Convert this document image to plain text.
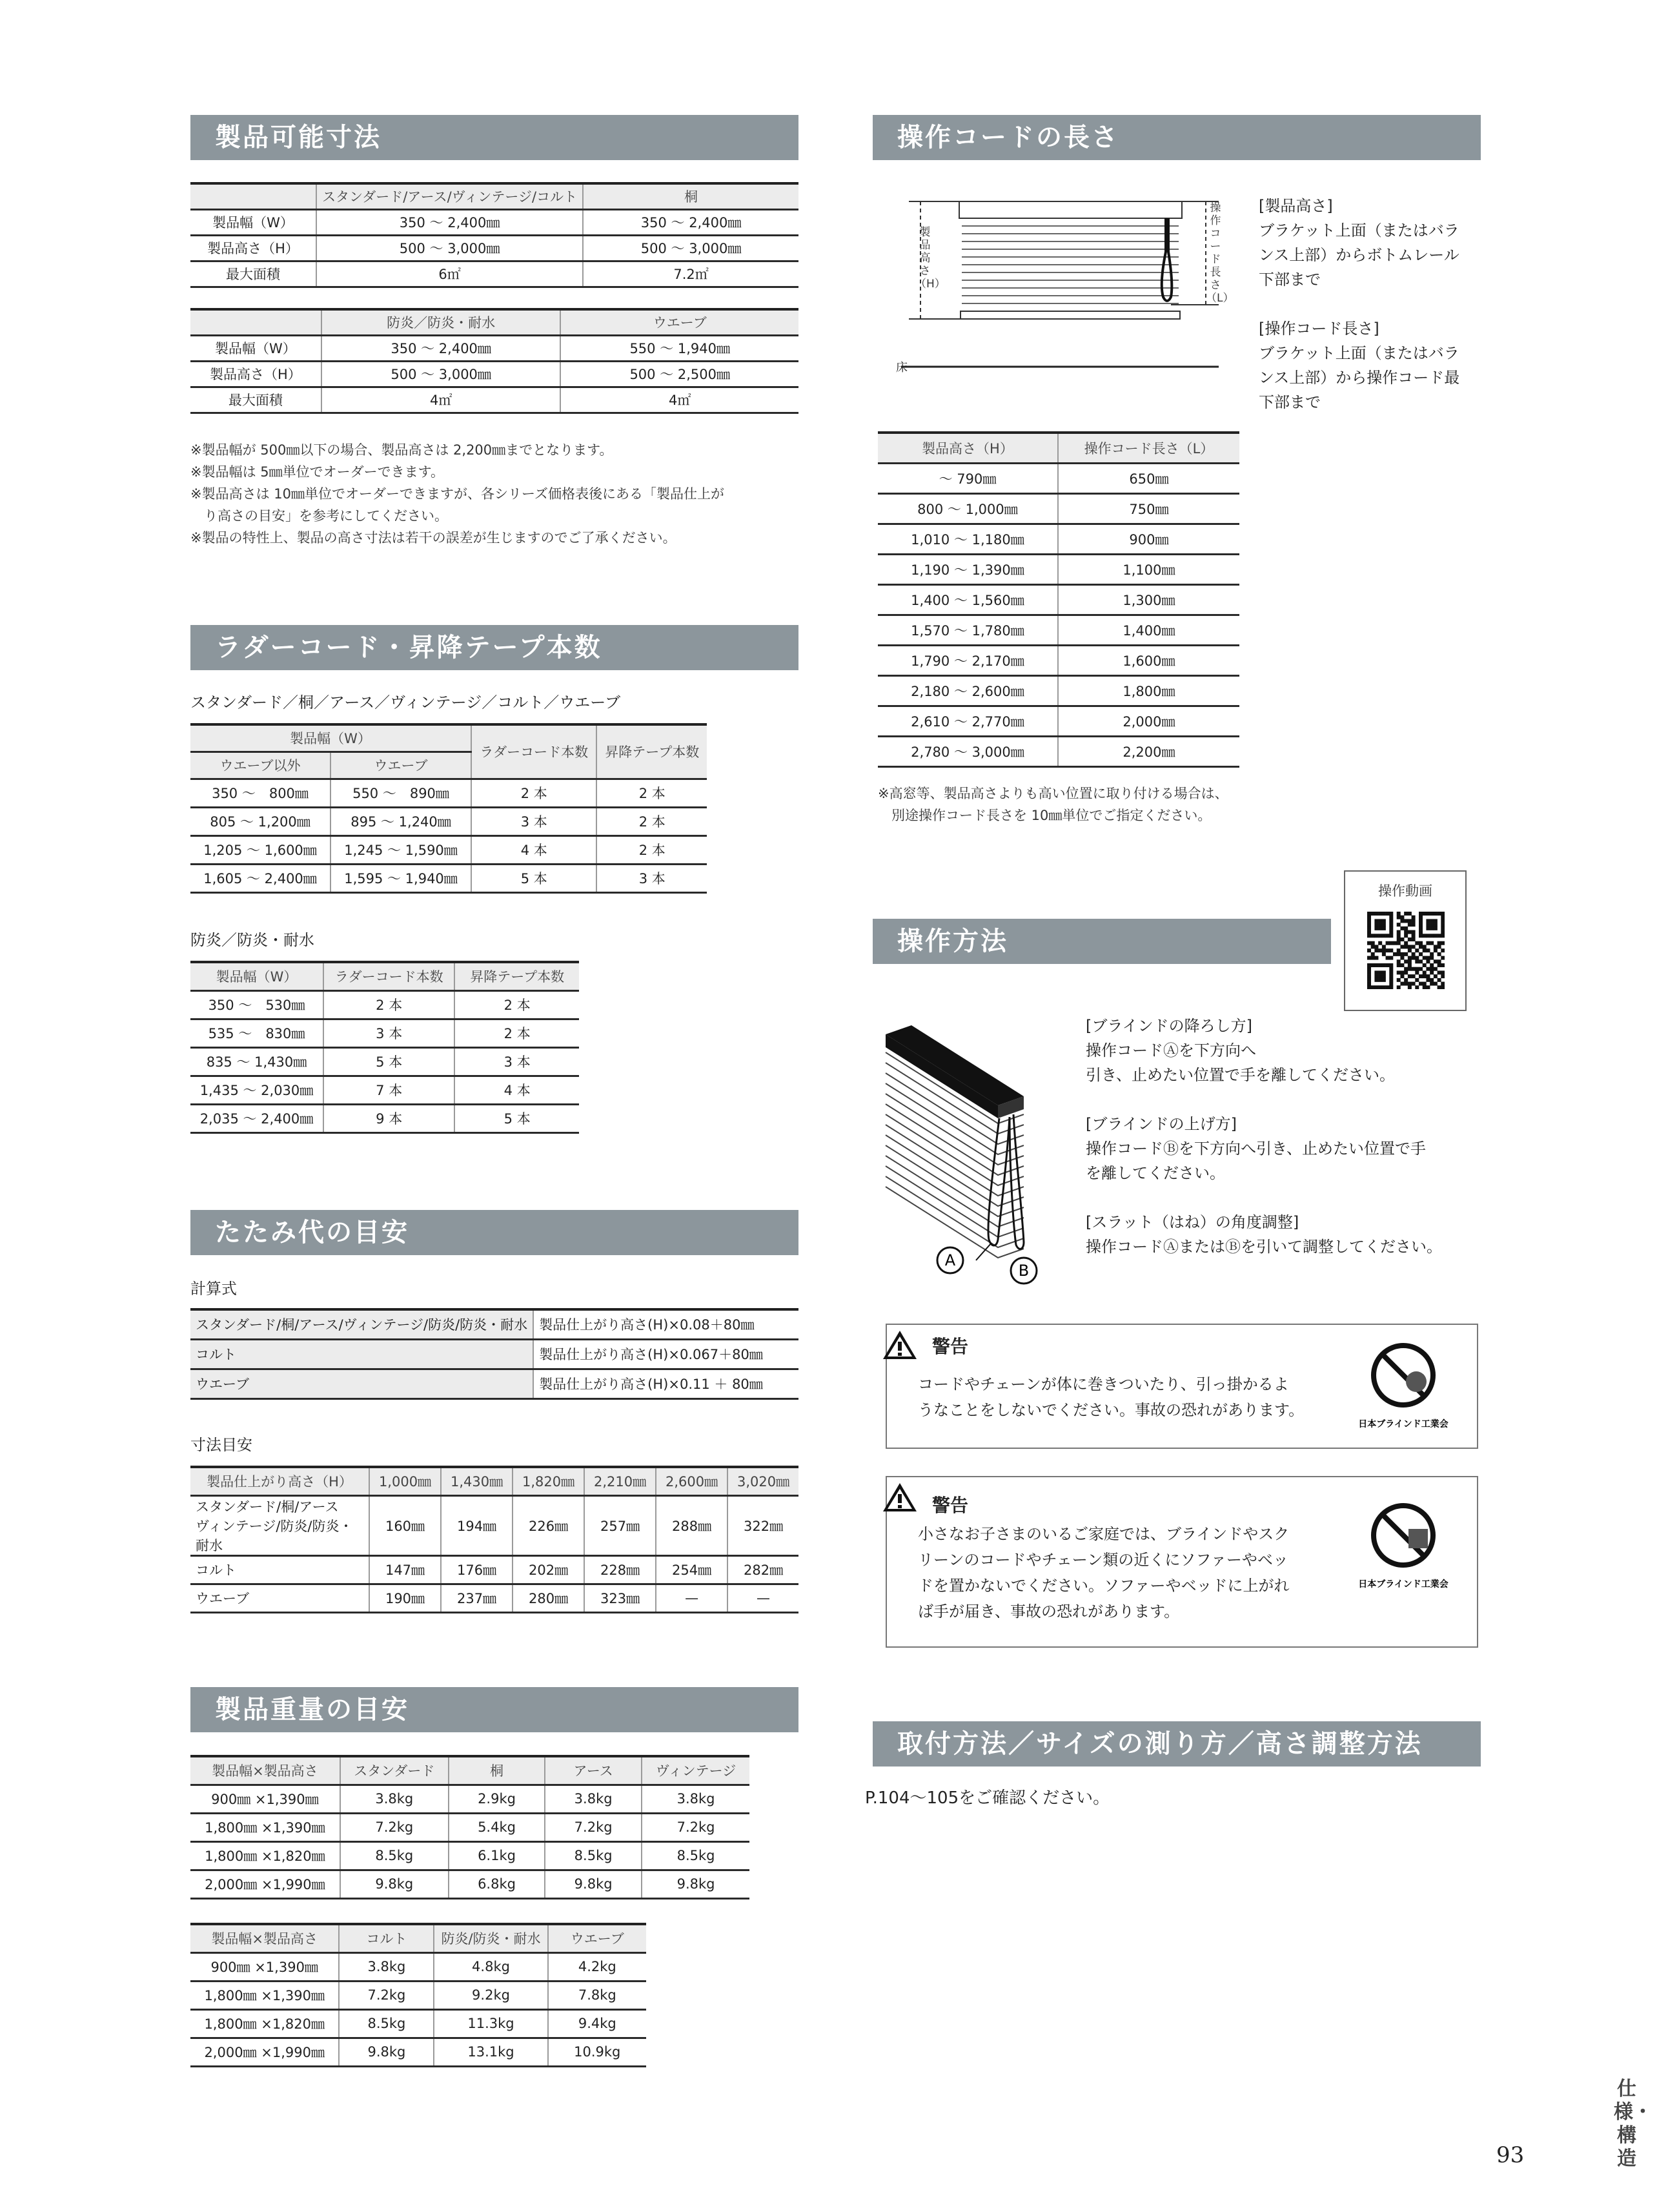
製品可能寸法
	スタンダード/アース/ヴィンテージ/コルト	桐
製品幅（W）	350 ～ 2,400㎜	350 ～ 2,400㎜
製品高さ（H）	500 ～ 3,000㎜	500 ～ 3,000㎜
最大面積	6㎡	7.2㎡
	防炎／防炎・耐水	ウエーブ
製品幅（W）	350 ～ 2,400㎜	550 ～ 1,940㎜
製品高さ（H）	500 ～ 3,000㎜	500 ～ 2,500㎜
最大面積	4㎡	4㎡
※製品幅が 500㎜以下の場合、製品高さは 2,200㎜までとなります。
※製品幅は 5㎜単位でオーダーできます。
※製品高さは 10㎜単位でオーダーできますが、各シリーズ価格表後にある「製品仕上が
　り高さの目安」を参考にしてください。
※製品の特性上、製品の高さ寸法は若干の誤差が生じますのでご了承ください。
ラダーコード・昇降テープ本数
スタンダード／桐／アース／ヴィンテージ／コルト／ウエーブ
製品幅（W）		ラダーコード本数	昇降テープ本数
ウエーブ以外	ウエーブ		
350 ～　800㎜	550 ～　890㎜	2 本	2 本
805 ～ 1,200㎜	895 ～ 1,240㎜	3 本	2 本
1,205 ～ 1,600㎜	1,245 ～ 1,590㎜	4 本	2 本
1,605 ～ 2,400㎜	1,595 ～ 1,940㎜	5 本	3 本
防炎／防炎・耐水
製品幅（W）	ラダーコード本数	昇降テープ本数
350 ～　530㎜	2 本	2 本
535 ～　830㎜	3 本	2 本
835 ～ 1,430㎜	5 本	3 本
1,435 ～ 2,030㎜	7 本	4 本
2,035 ～ 2,400㎜	9 本	5 本
たたみ代の目安
計算式
スタンダード/桐/アース/ヴィンテージ/防炎/防炎・耐水	製品仕上がり高さ(H)×0.08＋80㎜
コルト	製品仕上がり高さ(H)×0.067＋80㎜
ウエーブ	製品仕上がり高さ(H)×0.11 ＋ 80㎜
寸法目安
製品仕上がり高さ（H）	1,000㎜	1,430㎜	1,820㎜	2,210㎜	2,600㎜	3,020㎜
スタンダード/桐/アース
ヴィンテージ/防炎/防炎・耐水	160㎜	194㎜	226㎜	257㎜	288㎜	322㎜
コルト	147㎜	176㎜	202㎜	228㎜	254㎜	282㎜
ウエーブ	190㎜	237㎜	280㎜	323㎜	—	—
製品重量の目安
製品幅×製品高さ	スタンダード	桐	アース	ヴィンテージ
900㎜ ×1,390㎜	3.8kg	2.9kg	3.8kg	3.8kg
1,800㎜ ×1,390㎜	7.2kg	5.4kg	7.2kg	7.2kg
1,800㎜ ×1,820㎜	8.5kg	6.1kg	8.5kg	8.5kg
2,000㎜ ×1,990㎜	9.8kg	6.8kg	9.8kg	9.8kg
製品幅×製品高さ	コルト	防炎/防炎・耐水	ウエーブ
900㎜ ×1,390㎜	3.8kg	4.8kg	4.2kg
1,800㎜ ×1,390㎜	7.2kg	9.2kg	7.8kg
1,800㎜ ×1,820㎜	8.5kg	11.3kg	9.4kg
2,000㎜ ×1,990㎜	9.8kg	13.1kg	10.9kg
操作コードの長さ
床
製品高さ（H）
操作コード長さ（L）
[製品高さ]
ブラケット上面（またはバラ
ンス上部）からボトムレール
下部まで

[操作コード長さ]
ブラケット上面（またはバラ
ンス上部）から操作コード最
下部まで
製品高さ（H）	操作コード長さ（L）
～ 790㎜	650㎜
800 ～ 1,000㎜	750㎜
1,010 ～ 1,180㎜	900㎜
1,190 ～ 1,390㎜	1,100㎜
1,400 ～ 1,560㎜	1,300㎜
1,570 ～ 1,780㎜	1,400㎜
1,790 ～ 2,170㎜	1,600㎜
2,180 ～ 2,600㎜	1,800㎜
2,610 ～ 2,770㎜	2,000㎜
2,780 ～ 3,000㎜	2,200㎜
※高窓等、製品高さよりも高い位置に取り付ける場合は、
　別途操作コード長さを 10㎜単位でご指定ください。
操作動画
操作方法
A
B
[ブラインドの降ろし方]
操作コードⒶを下方向へ
引き、止めたい位置で手を離してください。

[ブラインドの上げ方]
操作コードⒷを下方向へ引き、止めたい位置で手
を離してください。

[スラット（はね）の角度調整]
操作コードⒶまたはⒷを引いて調整してください。
警告
コードやチェーンが体に巻きついたり、引っ掛かるよ
うなことをしないでください。事故の恐れがあります。
日本ブラインド工業会
警告
小さなお子さまのいるご家庭では、ブラインドやスク
リーンのコードやチェーン類の近くにソファーやベッ
ドを置かないでください。ソファーやベッドに上がれ
ば手が届き、事故の恐れがあります。
日本ブラインド工業会
取付方法／サイズの測り方／高さ調整方法
P.104～105をご確認ください。
93
仕様・構造
